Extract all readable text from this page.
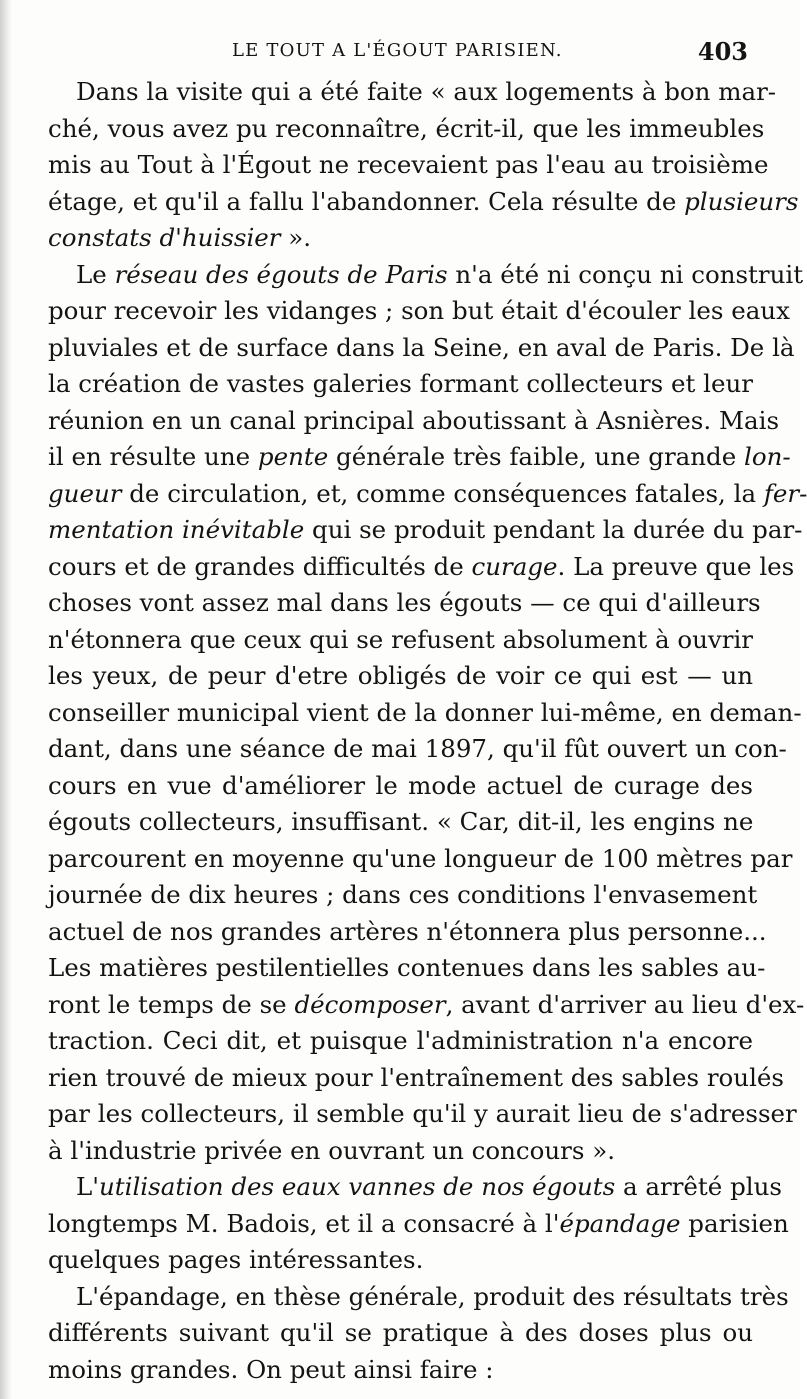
LE TOUT A L'ÉGOUT PARISIEN.	403
Dans la visite qui a été faite « aux logements à bon mar-
ché, vous avez pu reconnaître, écrit-il, que les immeubles
mis au Tout à l'Égout ne recevaient pas l'eau au troisième
étage, et qu'il a fallu l'abandonner. Cela résulte de plusieurs
constats d'huissier ».
Le réseau des égouts de Paris n'a été ni conçu ni construit
pour recevoir les vidanges ; son but était d'écouler les eaux
pluviales et de surface dans la Seine, en aval de Paris. De là
la création de vastes galeries formant collecteurs et leur
réunion en un canal principal aboutissant à Asnières. Mais
il en résulte une pente générale très faible, une grande lon-
gueur de circulation, et, comme conséquences fatales, la fer-
mentation inévitable qui se produit pendant la durée du par-
cours et de grandes difficultés de curage. La preuve que les
choses vont assez mal dans les égouts — ce qui d'ailleurs
n'étonnera que ceux qui se refusent absolument à ouvrir
les yeux, de peur d'etre obligés de voir ce qui est — un
conseiller municipal vient de la donner lui-même, en deman-
dant, dans une séance de mai 1897, qu'il fût ouvert un con-
cours en vue d'améliorer le mode actuel de curage des
égouts collecteurs, insuffisant. « Car, dit-il, les engins ne
parcourent en moyenne qu'une longueur de 100 mètres par
journée de dix heures ; dans ces conditions l'envasement
actuel de nos grandes artères n'étonnera plus personne...
Les matières pestilentielles contenues dans les sables au-
ront le temps de se décomposer, avant d'arriver au lieu d'ex-
traction. Ceci dit, et puisque l'administration n'a encore
rien trouvé de mieux pour l'entraînement des sables roulés
par les collecteurs, il semble qu'il y aurait lieu de s'adresser
à l'industrie privée en ouvrant un concours ».
L'utilisation des eaux vannes de nos égouts a arrêté plus
longtemps M. Badois, et il a consacré à l'épandage parisien
quelques pages intéressantes.
L'épandage, en thèse générale, produit des résultats très
différents suivant qu'il se pratique à des doses plus ou
moins grandes. On peut ainsi faire :
